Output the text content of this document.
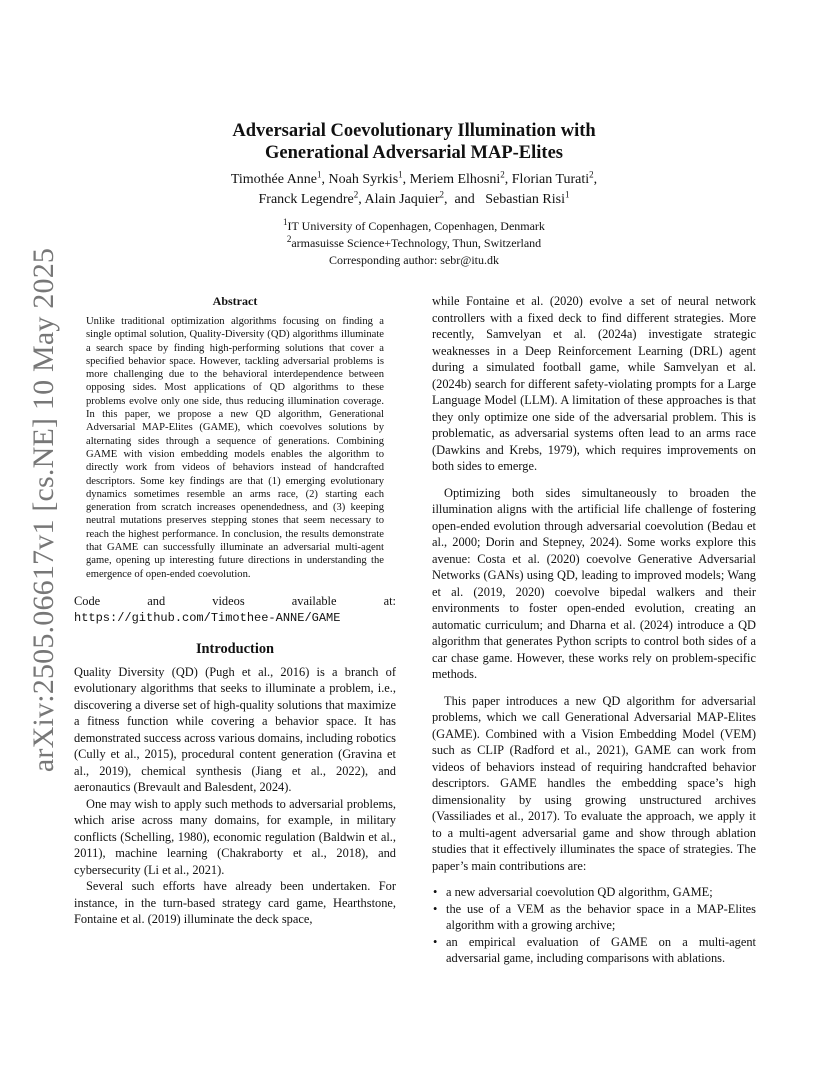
arXiv:2505.06617v1 [cs.NE] 10 May 2025
Adversarial Coevolutionary Illumination with
Generational Adversarial MAP-Elites
Timothée Anne$^1$, Noah Syrkis$^1$, Meriem Elhosni$^2$, Florian Turati$^2$,
Franck Legendre$^2$, Alain Jaquier$^2$,  and   Sebastian Risi$^1$
$^1$IT University of Copenhagen, Copenhagen, Denmark
$^2$armasuisse Science+Technology, Thun, Switzerland
Corresponding author: sebr@itu.dk
Abstract

Unlike traditional optimization algorithms focusing on finding a single optimal solution, Quality-Diversity (QD) algorithms illuminate a search space by finding high-performing solutions that cover a specified behavior space. However, tackling adversarial problems is more challenging due to the behavioral interdependence between opposing sides. Most applications of QD algorithms to these problems evolve only one side, thus reducing illumination coverage. In this paper, we propose a new QD algorithm, Generational Adversarial MAP-Elites (GAME), which coevolves solutions by alternating sides through a sequence of generations. Combining GAME with vision embedding models enables the algorithm to directly work from videos of behaviors instead of handcrafted descriptors. Some key findings are that (1) emerging evolutionary dynamics sometimes resemble an arms race, (2) starting each generation from scratch increases openendedness, and (3) keeping neutral mutations preserves stepping stones that seem necessary to reach the highest performance. In conclusion, the results demonstrate that GAME can successfully illuminate an adversarial multi-agent game, opening up interesting future directions in understanding the emergence of open-ended coevolution.

Code and videos available at: https://github.com/Timothee-ANNE/GAME

Introduction

Quality Diversity (QD) (Pugh et al., 2016) is a branch of evolutionary algorithms that seeks to illuminate a problem, i.e., discovering a diverse set of high-quality solutions that maximize a fitness function while covering a behavior space. It has demonstrated success across various domains, including robotics (Cully et al., 2015), procedural content generation (Gravina et al., 2019), chemical synthesis (Jiang et al., 2022), and aeronautics (Brevault and Balesdent, 2024).

One may wish to apply such methods to adversarial problems, which arise across many domains, for example, in military conflicts (Schelling, 1980), economic regulation (Baldwin et al., 2011), machine learning (Chakraborty et al., 2018), and cybersecurity (Li et al., 2021).

Several such efforts have already been undertaken. For instance, in the turn-based strategy card game, Hearthstone, Fontaine et al. (2019) illuminate the deck space,

while Fontaine et al. (2020) evolve a set of neural network controllers with a fixed deck to find different strategies. More recently, Samvelyan et al. (2024a) investigate strategic weaknesses in a Deep Reinforcement Learning (DRL) agent during a simulated football game, while Samvelyan et al. (2024b) search for different safety-violating prompts for a Large Language Model (LLM). A limitation of these approaches is that they only optimize one side of the adversarial problem. This is problematic, as adversarial systems often lead to an arms race (Dawkins and Krebs, 1979), which requires improvements on both sides to emerge.

Optimizing both sides simultaneously to broaden the illumination aligns with the artificial life challenge of fostering open-ended evolution through adversarial coevolution (Bedau et al., 2000; Dorin and Stepney, 2024). Some works explore this avenue: Costa et al. (2020) coevolve Generative Adversarial Networks (GANs) using QD, leading to improved models; Wang et al. (2019, 2020) coevolve bipedal walkers and their environments to foster open-ended evolution, creating an automatic curriculum; and Dharna et al. (2024) introduce a QD algorithm that generates Python scripts to control both sides of a car chase game. However, these works rely on problem-specific methods.

This paper introduces a new QD algorithm for adversarial problems, which we call Generational Adversarial MAP-Elites (GAME). Combined with a Vision Embedding Model (VEM) such as CLIP (Radford et al., 2021), GAME can work from videos of behaviors instead of requiring handcrafted behavior descriptors. GAME handles the embedding space’s high dimensionality by using growing unstructured archives (Vassiliades et al., 2017). To evaluate the approach, we apply it to a multi-agent adversarial game and show through ablation studies that it effectively illuminates the space of strategies. The paper’s main contributions are:

• a new adversarial coevolution QD algorithm, GAME;
• the use of a VEM as the behavior space in a MAP-Elites algorithm with a growing archive;
• an empirical evaluation of GAME on a multi-agent adversarial game, including comparisons with ablations.
